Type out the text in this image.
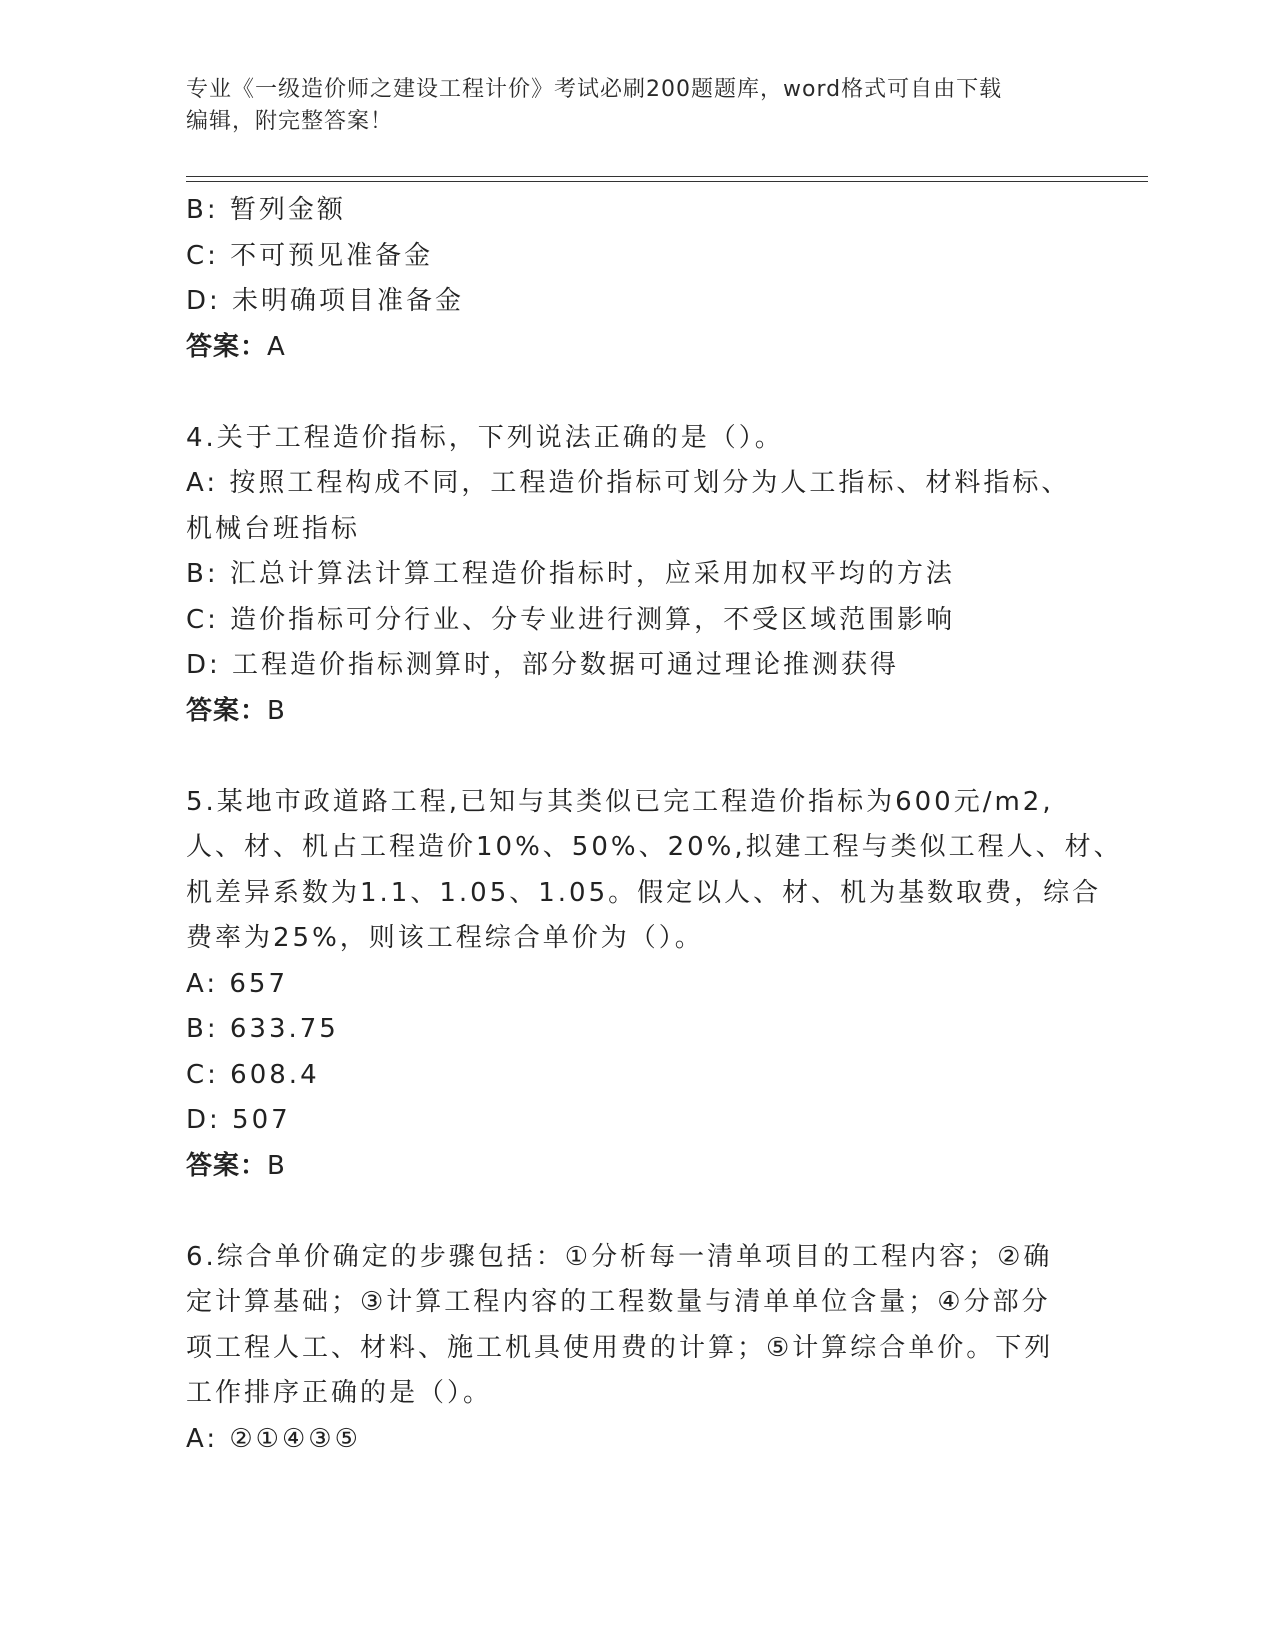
专业《一级造价师之建设工程计价》考试必刷200题题库，word格式可自由下载
编辑，附完整答案！
B: 暂列金额
C: 不可预见准备金
D: 未明确项目准备金
答案：A
4.关于工程造价指标，下列说法正确的是（）。
A: 按照工程构成不同，工程造价指标可划分为人工指标、材料指标、
机械台班指标
B: 汇总计算法计算工程造价指标时，应采用加权平均的方法
C: 造价指标可分行业、分专业进行测算，不受区域范围影响
D: 工程造价指标测算时，部分数据可通过理论推测获得
答案：B
5.某地市政道路工程,已知与其类似已完工程造价指标为600元/m2,
人、材、机占工程造价10%、50%、20%,拟建工程与类似工程人、材、
机差异系数为1.1、1.05、1.05。假定以人、材、机为基数取费，综合
费率为25%，则该工程综合单价为（）。
A: 657
B: 633.75
C: 608.4
D: 507
答案：B
6.综合单价确定的步骤包括：①分析每一清单项目的工程内容；②确
定计算基础；③计算工程内容的工程数量与清单单位含量；④分部分
项工程人工、材料、施工机具使用费的计算；⑤计算综合单价。下列
工作排序正确的是（）。
A: ②①④③⑤
